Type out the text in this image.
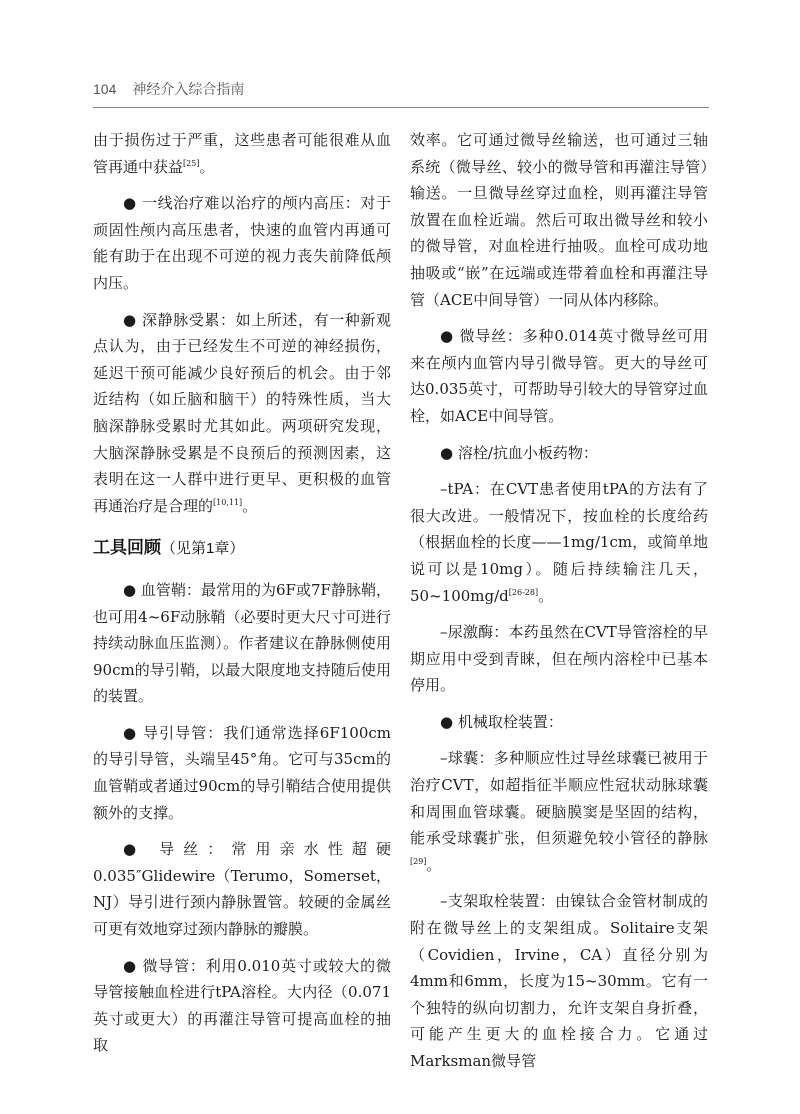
104 神经介入综合指南

由于损伤过于严重，这些患者可能很难从血管再通中获益[25]。

● 一线治疗难以治疗的颅内高压：对于顽固性颅内高压患者，快速的血管内再通可能有助于在出现不可逆的视力丧失前降低颅内压。

● 深静脉受累：如上所述，有一种新观点认为，由于已经发生不可逆的神经损伤，延迟干预可能减少良好预后的机会。由于邻近结构（如丘脑和脑干）的特殊性质，当大脑深静脉受累时尤其如此。两项研究发现，大脑深静脉受累是不良预后的预测因素，这表明在这一人群中进行更早、更积极的血管再通治疗是合理的[10,11]。

工具回顾（见第1章）

● 血管鞘：最常用的为6F或7F静脉鞘，也可用4~6F动脉鞘（必要时更大尺寸可进行持续动脉血压监测）。作者建议在静脉侧使用90cm的导引鞘，以最大限度地支持随后使用的装置。

● 导引导管：我们通常选择6F100cm的导引导管，头端呈45°角。它可与35cm的血管鞘或者通过90cm的导引鞘结合使用提供额外的支撑。

● 导丝：常用亲水性超硬0.035″Glidewire（Terumo，Somerset，NJ）导引进行颈内静脉置管。较硬的金属丝可更有效地穿过颈内静脉的瓣膜。

● 微导管：利用0.010英寸或较大的微导管接触血栓进行tPA溶栓。大内径（0.071英寸或更大）的再灌注导管可提高血栓的抽取

效率。它可通过微导丝输送，也可通过三轴系统（微导丝、较小的微导管和再灌注导管）输送。一旦微导丝穿过血栓，则再灌注导管放置在血栓近端。然后可取出微导丝和较小的微导管，对血栓进行抽吸。血栓可成功地抽吸或“嵌”在远端或连带着血栓和再灌注导管（ACE中间导管）一同从体内移除。

● 微导丝：多种0.014英寸微导丝可用来在颅内血管内导引微导管。更大的导丝可达0.035英寸，可帮助导引较大的导管穿过血栓，如ACE中间导管。

● 溶栓/抗血小板药物：

–tPA：在CVT患者使用tPA的方法有了很大改进。一般情况下，按血栓的长度给药（根据血栓的长度——1mg/1cm，或简单地说可以是10mg）。随后持续输注几天，50~100mg/d[26-28]。

–尿激酶：本药虽然在CVT导管溶栓的早期应用中受到青睐，但在颅内溶栓中已基本停用。

● 机械取栓装置：

–球囊：多种顺应性过导丝球囊已被用于治疗CVT，如超指征半顺应性冠状动脉球囊和周围血管球囊。硬脑膜窦是坚固的结构，能承受球囊扩张，但须避免较小管径的静脉[29]。

–支架取栓装置：由镍钛合金管材制成的附在微导丝上的支架组成。Solitaire支架（Covidien，Irvine，CA）直径分别为4mm和6mm，长度为15~30mm。它有一个独特的纵向切割力，允许支架自身折叠，可能产生更大的血栓接合力。它通过Marksman微导管
